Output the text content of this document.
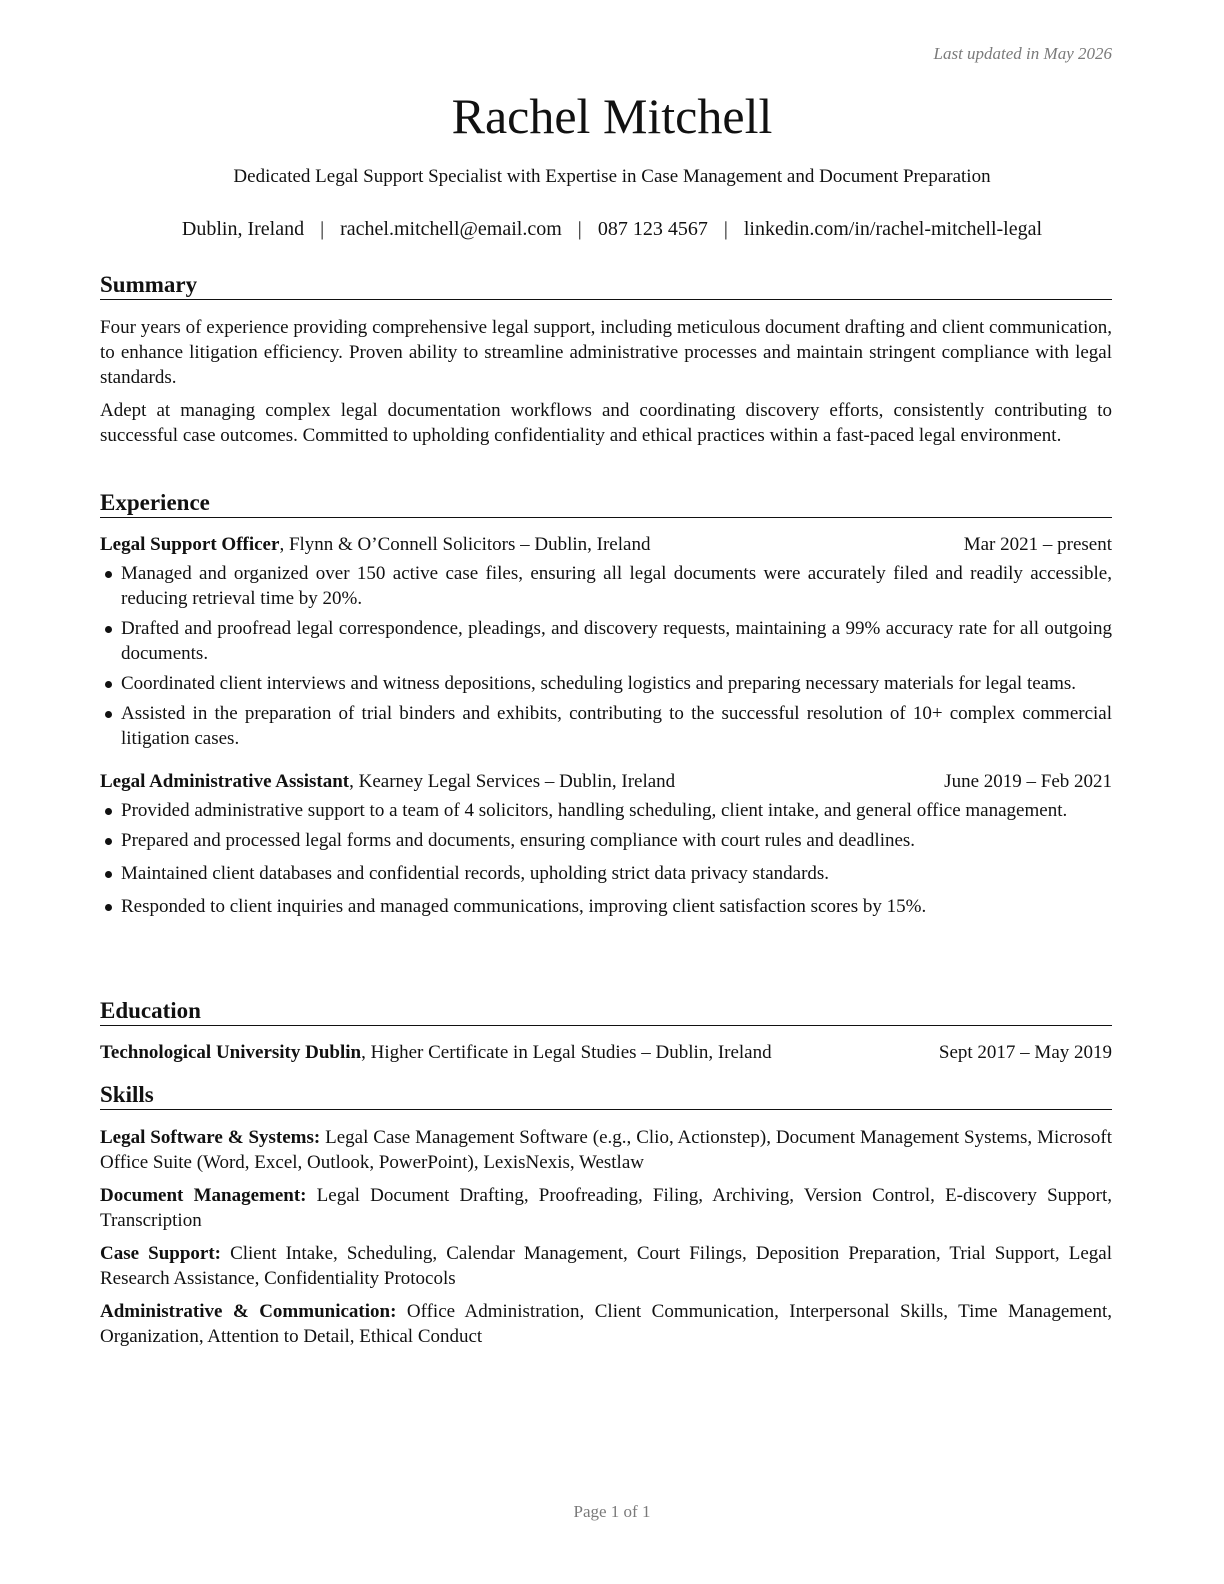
Last updated in May 2026
Rachel Mitchell
Dedicated Legal Support Specialist with Expertise in Case Management and Document Preparation
Dublin, Ireland | rachel.mitchell@email.com | 087 123 4567 | linkedin.com/in/rachel-mitchell-legal
Summary
Four years of experience providing comprehensive legal support, including meticulous document drafting and client communication, to enhance litigation efficiency. Proven ability to streamline administrative processes and maintain stringent compliance with legal standards.
Adept at managing complex legal documentation workflows and coordinating discovery efforts, consistently contributing to successful case outcomes. Committed to upholding confidentiality and ethical practices within a fast-paced legal environment.
Experience
Legal Support Officer, Flynn & O’Connell Solicitors – Dublin, Ireland	Mar 2021 – present
Managed and organized over 150 active case files, ensuring all legal documents were accurately filed and readily accessible, reducing retrieval time by 20%.
Drafted and proofread legal correspondence, pleadings, and discovery requests, maintaining a 99% accuracy rate for all outgoing documents.
Coordinated client interviews and witness depositions, scheduling logistics and preparing necessary materials for legal teams.
Assisted in the preparation of trial binders and exhibits, contributing to the successful resolution of 10+ complex commercial litigation cases.
Legal Administrative Assistant, Kearney Legal Services – Dublin, Ireland	June 2019 – Feb 2021
Provided administrative support to a team of 4 solicitors, handling scheduling, client intake, and general office management.
Prepared and processed legal forms and documents, ensuring compliance with court rules and deadlines.
Maintained client databases and confidential records, upholding strict data privacy standards.
Responded to client inquiries and managed communications, improving client satisfaction scores by 15%.
Education
Technological University Dublin, Higher Certificate in Legal Studies – Dublin, Ireland	Sept 2017 – May 2019
Skills
Legal Software & Systems: Legal Case Management Software (e.g., Clio, Actionstep), Document Management Systems, Microsoft Office Suite (Word, Excel, Outlook, PowerPoint), LexisNexis, Westlaw
Document Management: Legal Document Drafting, Proofreading, Filing, Archiving, Version Control, E-discovery Support, Transcription
Case Support: Client Intake, Scheduling, Calendar Management, Court Filings, Deposition Preparation, Trial Support, Legal Research Assistance, Confidentiality Protocols
Administrative & Communication: Office Administration, Client Communication, Interpersonal Skills, Time Management, Organization, Attention to Detail, Ethical Conduct
Page 1 of 1
